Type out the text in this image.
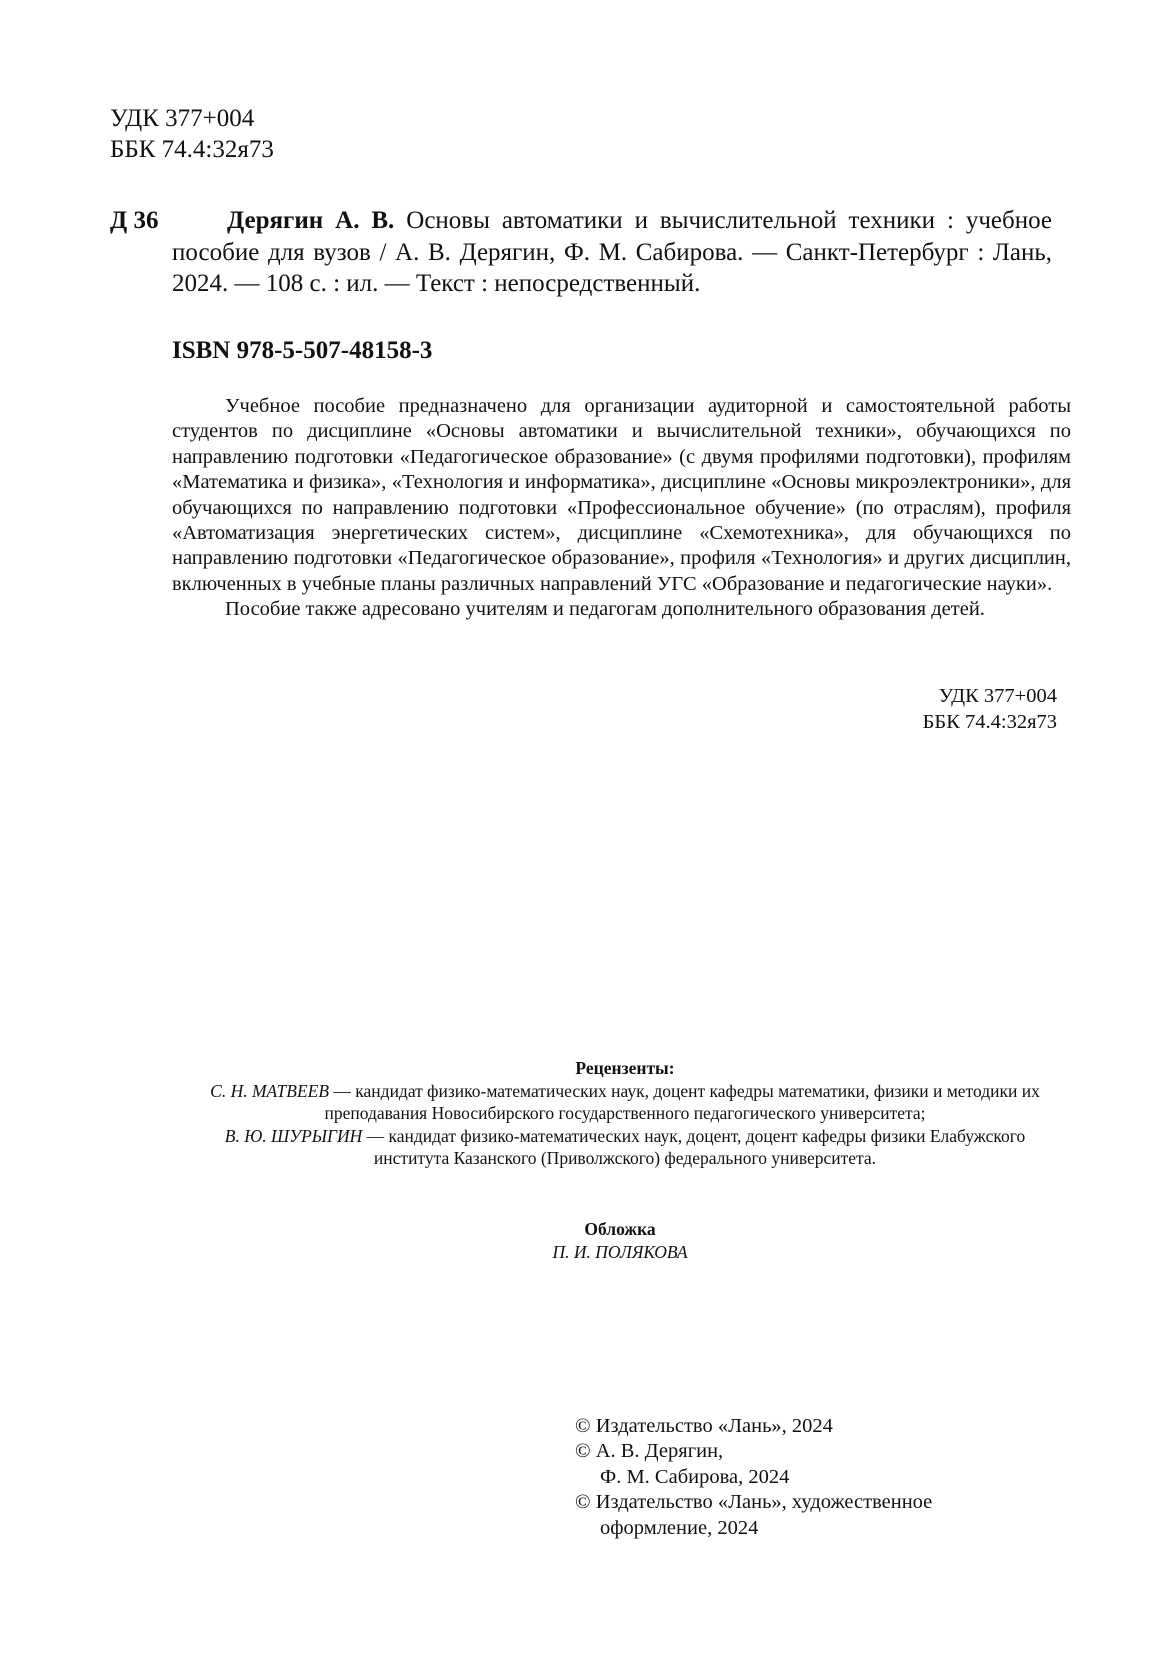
УДК 377+004
ББК 74.4:32я73
Д 36	Дерягин А. В. Основы автоматики и вычислительной техники : учебное пособие для вузов / А. В. Дерягин, Ф. М. Сабирова. — Санкт-Петербург : Лань, 2024. — 108 с. : ил. — Текст : непосредственный.
ISBN 978-5-507-48158-3

Учебное пособие предназначено для организации аудиторной и самостоятельной работы студентов по дисциплине «Основы автоматики и вычислительной техники», обучающихся по направлению подготовки «Педагогическое образование» (с двумя профилями подготовки), профилям «Математика и физика», «Технология и информатика», дисциплине «Основы микроэлектроники», для обучающихся по направлению подготовки «Профессиональное обучение» (по отраслям), профиля «Автоматизация энергетических систем», дисциплине «Схемотехника», для обучающихся по направлению подготовки «Педагогическое образование», профиля «Технология» и других дисциплин, включенных в учебные планы различных направлений УГС «Образование и педагогические науки».

Пособие также адресовано учителям и педагогам дополнительного образования детей.

УДК 377+004
ББК 74.4:32я73

Рецензенты:

С. Н. МАТВЕЕВ — кандидат физико-математических наук, доцент кафедры математики, физики и методики их преподавания Новосибирского государственного педагогического университета;

В. Ю. ШУРЫГИН — кандидат физико-математических наук, доцент, доцент кафедры физики Елабужского института Казанского (Приволжского) федерального университета.

Обложка
П. И. ПОЛЯКОВА
© Издательство «Лань», 2024
© А. В. Дерягин,
Ф. М. Сабирова, 2024
© Издательство «Лань», художественное
оформление, 2024
